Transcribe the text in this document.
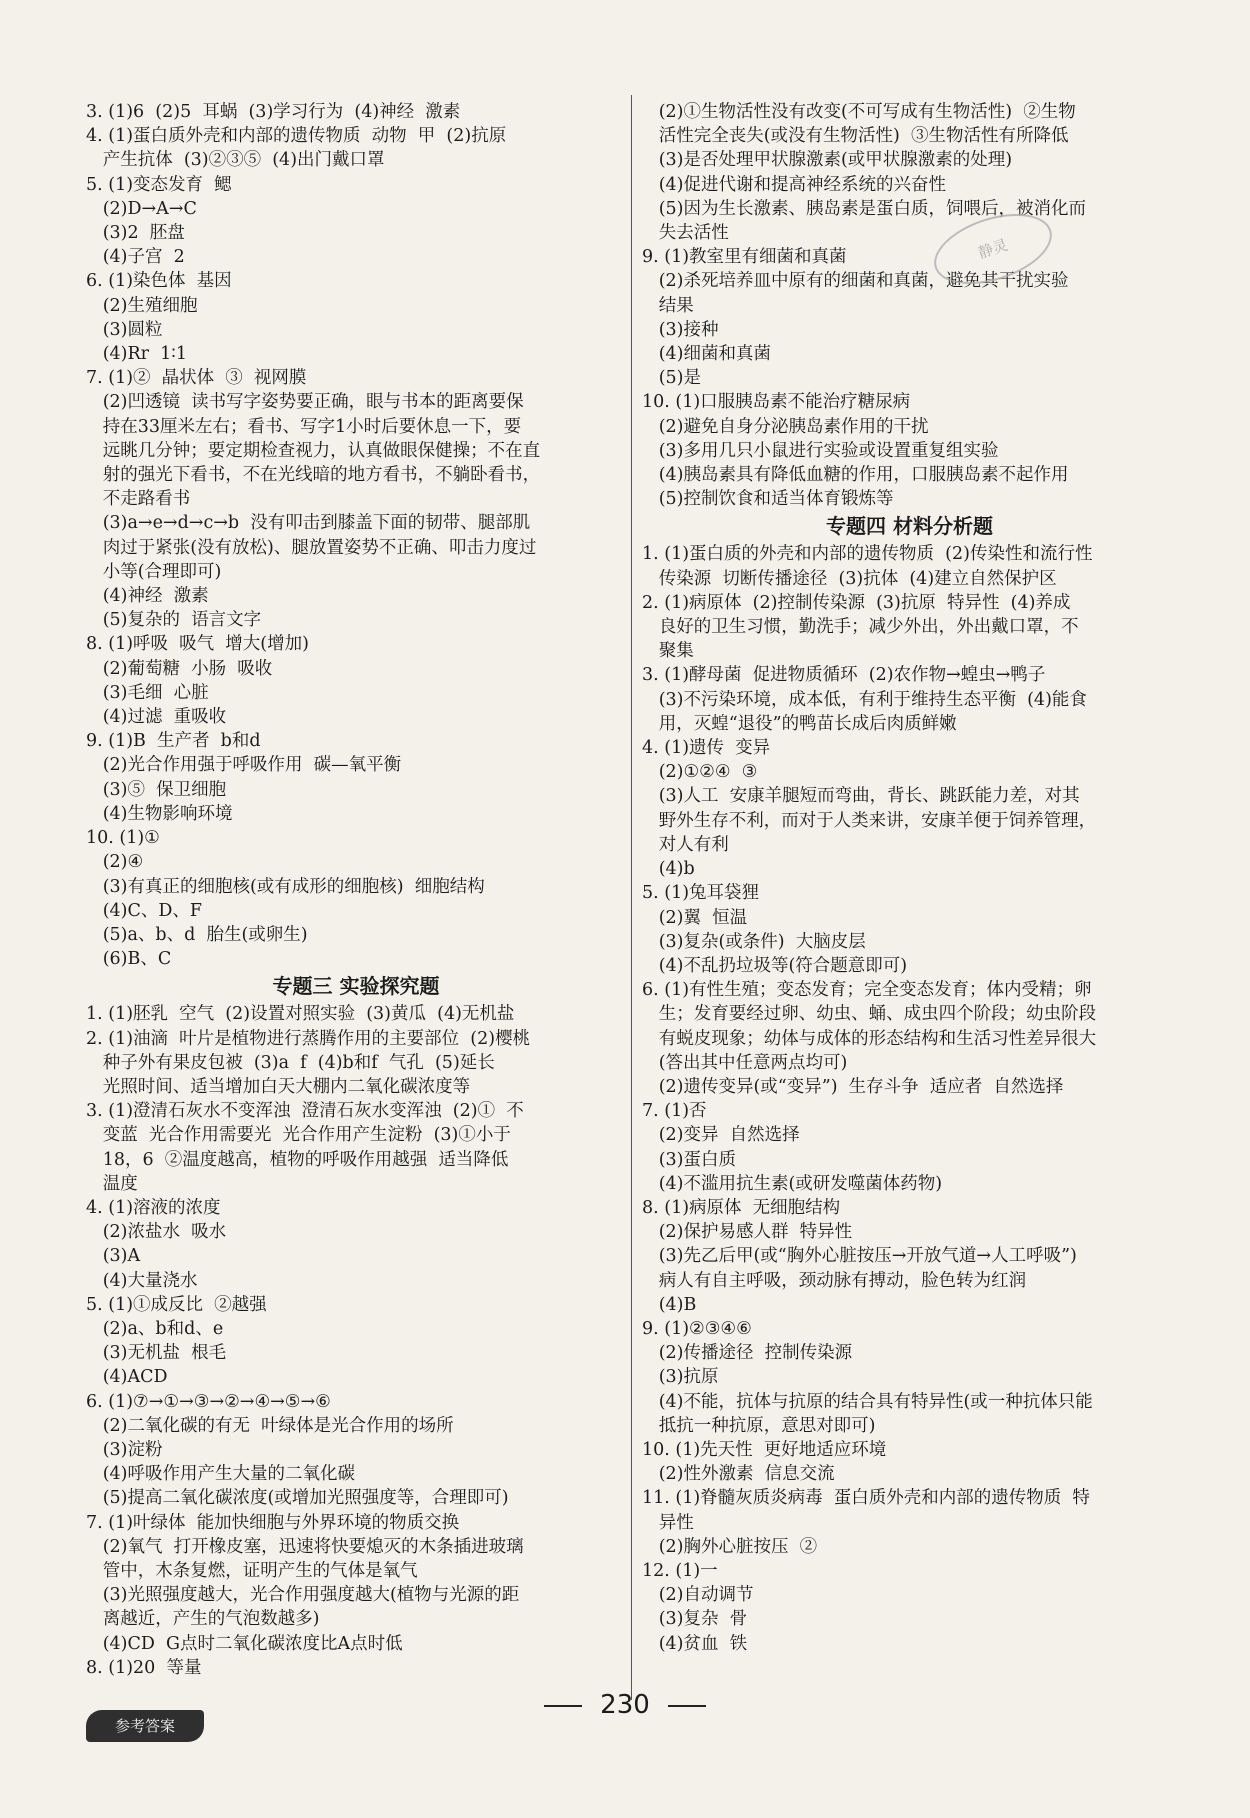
3. (1)6  (2)5  耳蜗  (3)学习行为  (4)神经  激素
4. (1)蛋白质外壳和内部的遗传物质  动物  甲  (2)抗原
产生抗体  (3)②③⑤  (4)出门戴口罩
5. (1)变态发育  鳃
(2)D→A→C
(3)2  胚盘
(4)子宫  2
6. (1)染色体  基因
(2)生殖细胞
(3)圆粒
(4)Rr  1∶1
7. (1)②  晶状体  ③  视网膜
(2)凹透镜  读书写字姿势要正确，眼与书本的距离要保
持在33厘米左右；看书、写字1小时后要休息一下，要
远眺几分钟；要定期检查视力，认真做眼保健操；不在直
射的强光下看书，不在光线暗的地方看书，不躺卧看书，
不走路看书
(3)a→e→d→c→b  没有叩击到膝盖下面的韧带、腿部肌
肉过于紧张(没有放松)、腿放置姿势不正确、叩击力度过
小等(合理即可)
(4)神经  激素
(5)复杂的  语言文字
8. (1)呼吸  吸气  增大(增加)
(2)葡萄糖  小肠  吸收
(3)毛细  心脏
(4)过滤  重吸收
9. (1)B  生产者  b和d
(2)光合作用强于呼吸作用  碳—氧平衡
(3)⑤  保卫细胞
(4)生物影响环境
10. (1)①
(2)④
(3)有真正的细胞核(或有成形的细胞核)  细胞结构
(4)C、D、F
(5)a、b、d  胎生(或卵生)
(6)B、C
专题三 实验探究题
1. (1)胚乳  空气  (2)设置对照实验  (3)黄瓜  (4)无机盐
2. (1)油滴  叶片是植物进行蒸腾作用的主要部位  (2)樱桃
种子外有果皮包被  (3)a  f  (4)b和f  气孔  (5)延长
光照时间、适当增加白天大棚内二氧化碳浓度等
3. (1)澄清石灰水不变浑浊  澄清石灰水变浑浊  (2)①  不
变蓝  光合作用需要光  光合作用产生淀粉  (3)①小于
18，6  ②温度越高，植物的呼吸作用越强  适当降低
温度
4. (1)溶液的浓度
(2)浓盐水  吸水
(3)A
(4)大量浇水
5. (1)①成反比  ②越强
(2)a、b和d、e
(3)无机盐  根毛
(4)ACD
6. (1)⑦→①→③→②→④→⑤→⑥
(2)二氧化碳的有无  叶绿体是光合作用的场所
(3)淀粉
(4)呼吸作用产生大量的二氧化碳
(5)提高二氧化碳浓度(或增加光照强度等，合理即可)
7. (1)叶绿体  能加快细胞与外界环境的物质交换
(2)氧气  打开橡皮塞，迅速将快要熄灭的木条插进玻璃
管中，木条复燃，证明产生的气体是氧气
(3)光照强度越大，光合作用强度越大(植物与光源的距
离越近，产生的气泡数越多)
(4)CD  G点时二氧化碳浓度比A点时低
8. (1)20  等量
(2)①生物活性没有改变(不可写成有生物活性)  ②生物
活性完全丧失(或没有生物活性)  ③生物活性有所降低
(3)是否处理甲状腺激素(或甲状腺激素的处理)
(4)促进代谢和提高神经系统的兴奋性
(5)因为生长激素、胰岛素是蛋白质，饲喂后，被消化而
失去活性
9. (1)教室里有细菌和真菌
(2)杀死培养皿中原有的细菌和真菌，避免其干扰实验
结果
(3)接种
(4)细菌和真菌
(5)是
10. (1)口服胰岛素不能治疗糖尿病
(2)避免自身分泌胰岛素作用的干扰
(3)多用几只小鼠进行实验或设置重复组实验
(4)胰岛素具有降低血糖的作用，口服胰岛素不起作用
(5)控制饮食和适当体育锻炼等
专题四 材料分析题
1. (1)蛋白质的外壳和内部的遗传物质  (2)传染性和流行性
传染源  切断传播途径  (3)抗体  (4)建立自然保护区
2. (1)病原体  (2)控制传染源  (3)抗原  特异性  (4)养成
良好的卫生习惯，勤洗手；减少外出，外出戴口罩，不
聚集
3. (1)酵母菌  促进物质循环  (2)农作物→蝗虫→鸭子
(3)不污染环境，成本低，有利于维持生态平衡  (4)能食
用，灭蝗“退役”的鸭苗长成后肉质鲜嫩
4. (1)遗传  变异
(2)①②④  ③
(3)人工  安康羊腿短而弯曲，背长、跳跃能力差，对其
野外生存不利，而对于人类来讲，安康羊便于饲养管理，
对人有利
(4)b
5. (1)兔耳袋狸
(2)翼  恒温
(3)复杂(或条件)  大脑皮层
(4)不乱扔垃圾等(符合题意即可)
6. (1)有性生殖；变态发育；完全变态发育；体内受精；卵
生；发育要经过卵、幼虫、蛹、成虫四个阶段；幼虫阶段
有蜕皮现象；幼体与成体的形态结构和生活习性差异很大
(答出其中任意两点均可)
(2)遗传变异(或“变异”)  生存斗争  适应者  自然选择
7. (1)否
(2)变异  自然选择
(3)蛋白质
(4)不滥用抗生素(或研发噬菌体药物)
8. (1)病原体  无细胞结构
(2)保护易感人群  特异性
(3)先乙后甲(或“胸外心脏按压→开放气道→人工呼吸”)
病人有自主呼吸，颈动脉有搏动，脸色转为红润
(4)B
9. (1)②③④⑥
(2)传播途径  控制传染源
(3)抗原
(4)不能，抗体与抗原的结合具有特异性(或一种抗体只能
抵抗一种抗原，意思对即可)
10. (1)先天性  更好地适应环境
(2)性外激素  信息交流
11. (1)脊髓灰质炎病毒  蛋白质外壳和内部的遗传物质  特
异性
(2)胸外心脏按压  ②
12. (1)一
(2)自动调节
(3)复杂  骨
(4)贫血  铁
静灵
230
参考答案
